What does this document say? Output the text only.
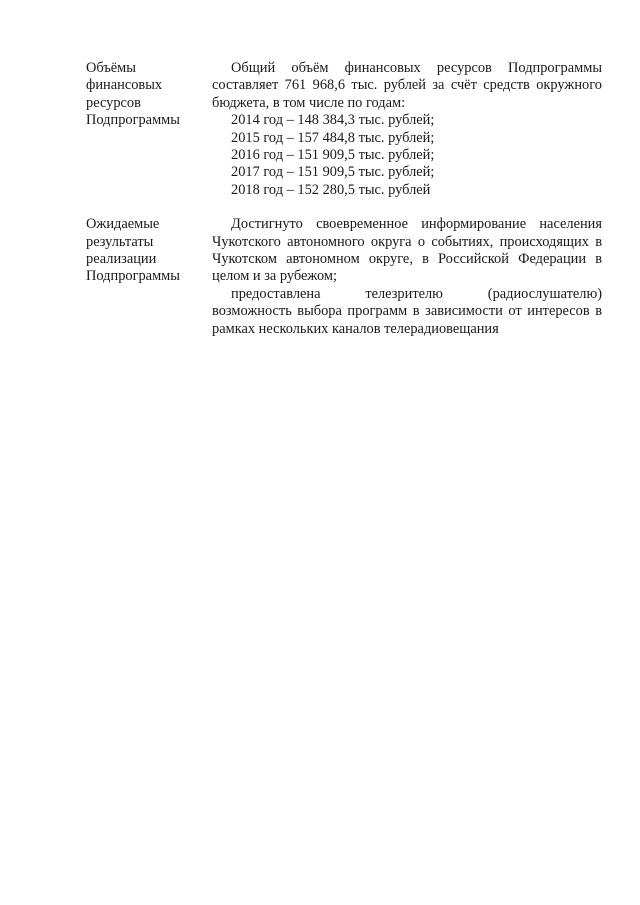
Объёмы
финансовых
ресурсов
Подпрограммы
Общий объём финансовых ресурсов Подпрограммы составляет 761 968,6 тыс. рублей за счёт средств окружного бюджета, в том числе по годам:
2014 год – 148 384,3 тыс. рублей;
2015 год – 157 484,8 тыс. рублей;
2016 год – 151 909,5 тыс. рублей;
2017 год – 151 909,5 тыс. рублей;
2018 год – 152 280,5 тыс. рублей
Ожидаемые
результаты
реализации
Подпрограммы
Достигнуто своевременное информирование населения Чукотского автономного округа о событиях, происходящих в Чукотском автономном округе, в Российской Федерации в целом и за рубежом;
предоставлена телезрителю (радиослушателю)
возможность выбора программ в зависимости от интересов в рамках нескольких каналов телерадиовещания
